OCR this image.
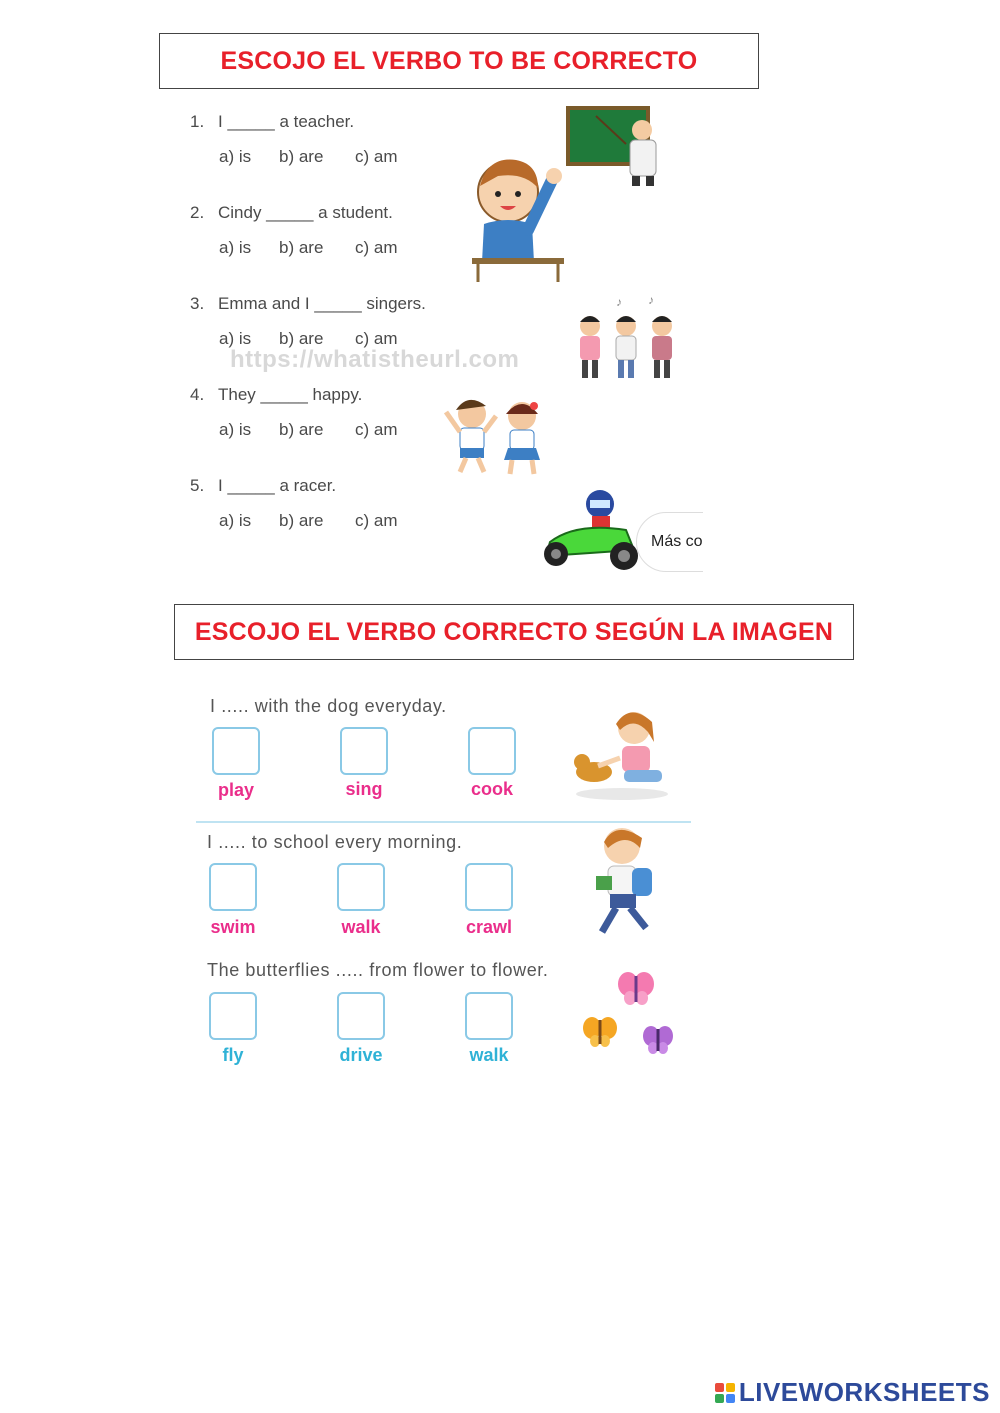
ESCOJO EL VERBO TO BE CORRECTO
1. I _____ a teacher.
a) is b) are c) am
2. Cindy _____ a student.
a) is b) are c) am
3. Emma and I _____ singers.
a) is b) are c) am
https://whatistheurl.com
4. They _____ happy.
a) is b) are c) am
5. I _____ a racer.
a) is b) are c) am
♪ ♪
Más co
ESCOJO EL VERBO CORRECTO SEGÚN LA IMAGEN
I ..... with the dog everyday.
play	sing	cook
I ..... to school every morning.
swim	walk	crawl
The butterflies ..... from flower to flower.
fly	drive	walk
LIVEWORKSHEETS
